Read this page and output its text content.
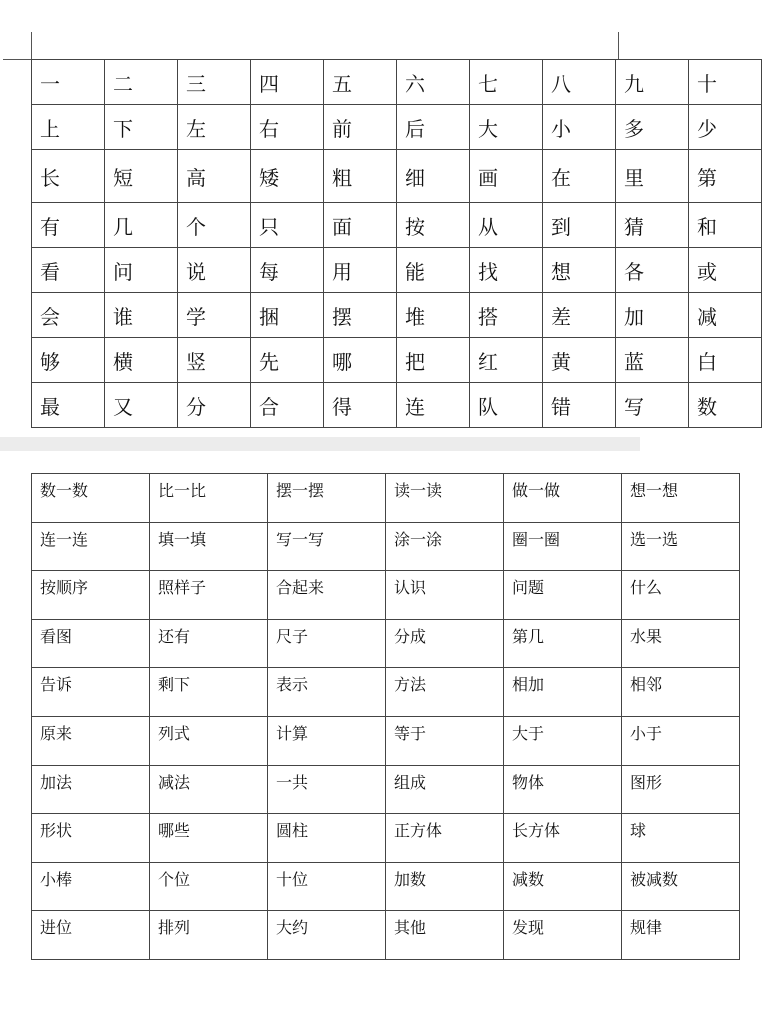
一	二	三	四	五	六	七	八	九	十
上	下	左	右	前	后	大	小	多	少
长	短	高	矮	粗	细	画	在	里	第
有	几	个	只	面	按	从	到	猜	和
看	问	说	每	用	能	找	想	各	或
会	谁	学	捆	摆	堆	搭	差	加	减
够	横	竖	先	哪	把	红	黄	蓝	白
最	又	分	合	得	连	队	错	写	数
数一数	比一比	摆一摆	读一读	做一做	想一想
连一连	填一填	写一写	涂一涂	圈一圈	选一选
按顺序	照样子	合起来	认识	问题	什么
看图	还有	尺子	分成	第几	水果
告诉	剩下	表示	方法	相加	相邻
原来	列式	计算	等于	大于	小于
加法	减法	一共	组成	物体	图形
形状	哪些	圆柱	正方体	长方体	球
小棒	个位	十位	加数	减数	被减数
进位	排列	大约	其他	发现	规律
